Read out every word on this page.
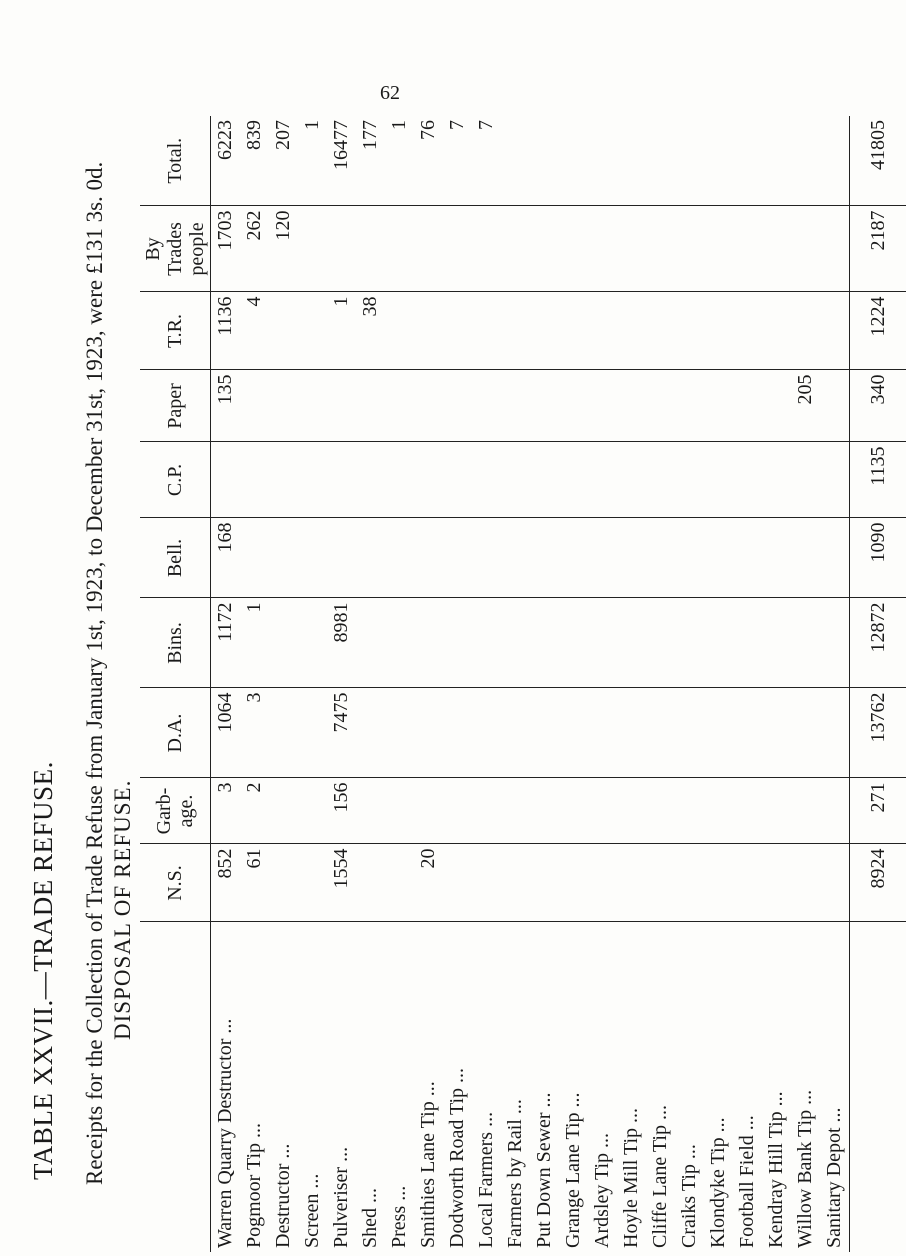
62
TABLE XXVII.—TRADE REFUSE. Receipts for the Collection of Trade Refuse from January 1st, 1923, to December 31st, 1923, were £131 3s. 0d. DISPOSAL OF REFUSE.
	N.S.	Garb-age.	D.A.	Bins.	Bell.	C.P.	Paper	T.R.	By Trades people	Total.
Warren Quarry Destructor ...	852	3	1064	1172	168		135	1136	1703	6223
Pogmoor Tip ...	61	2	3	1				4	262	839
Destructor ...									120	207
Screen ...										1
Pulveriser ...	1554	156	7475	8981				1		16477
Shed ...								38		177
Press ...										1
Smithies Lane Tip ...	20									76
Dodworth Road Tip ...										7
Local Farmers ...										7
Farmers by Rail ...										
Put Down Sewer ...										
Grange Lane Tip ...										
Ardsley Tip ...										
Hoyle Mill Tip ...										
Cliffe Lane Tip ...										
Craiks Tip ...										
Klondyke Tip ...										
Football Field ...										
Kendray Hill Tip ...										
Willow Bank Tip ...							205			
Sanitary Depot ...										
	8924	271	13762	12872	1090	1135	340	1224	2187	41805
